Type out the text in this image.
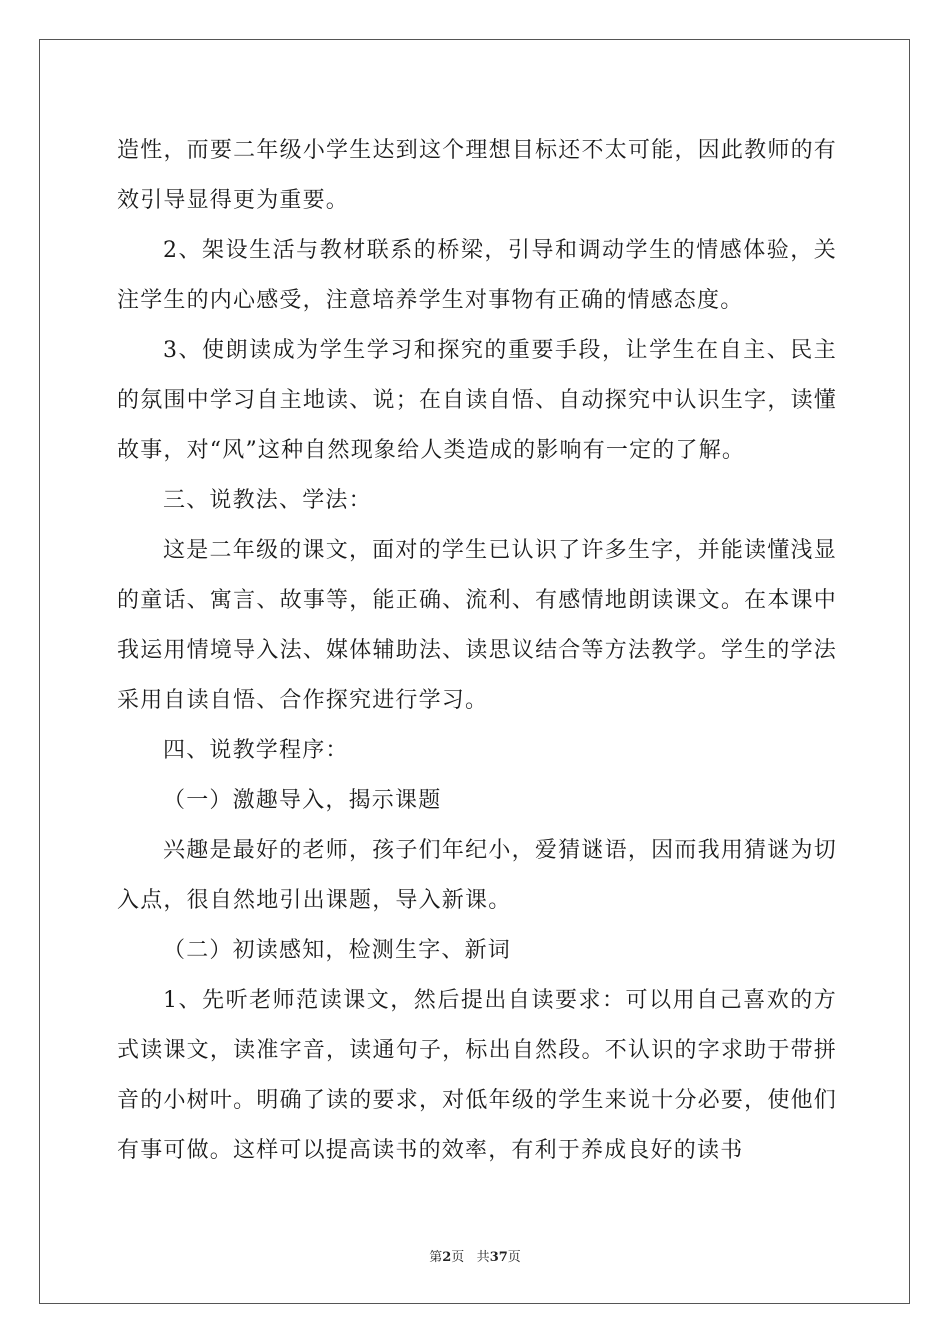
造性，而要二年级小学生达到这个理想目标还不太可能，因此教师的有效引导显得更为重要。

2、架设生活与教材联系的桥梁，引导和调动学生的情感体验，关注学生的内心感受，注意培养学生对事物有正确的情感态度。

3、使朗读成为学生学习和探究的重要手段，让学生在自主、民主的氛围中学习自主地读、说；在自读自悟、自动探究中认识生字，读懂故事，对“风”这种自然现象给人类造成的影响有一定的了解。

三、说教法、学法：

这是二年级的课文，面对的学生已认识了许多生字，并能读懂浅显的童话、寓言、故事等，能正确、流利、有感情地朗读课文。在本课中我运用情境导入法、媒体辅助法、读思议结合等方法教学。学生的学法采用自读自悟、合作探究进行学习。

四、说教学程序：

（一）激趣导入，揭示课题

兴趣是最好的老师，孩子们年纪小，爱猜谜语，因而我用猜谜为切入点，很自然地引出课题，导入新课。

（二）初读感知，检测生字、新词

1、先听老师范读课文，然后提出自读要求：可以用自己喜欢的方式读课文，读准字音，读通句子，标出自然段。不认识的字求助于带拼音的小树叶。明确了读的要求，对低年级的学生来说十分必要，使他们有事可做。这样可以提高读书的效率，有利于养成良好的读书

第2页 共37页
